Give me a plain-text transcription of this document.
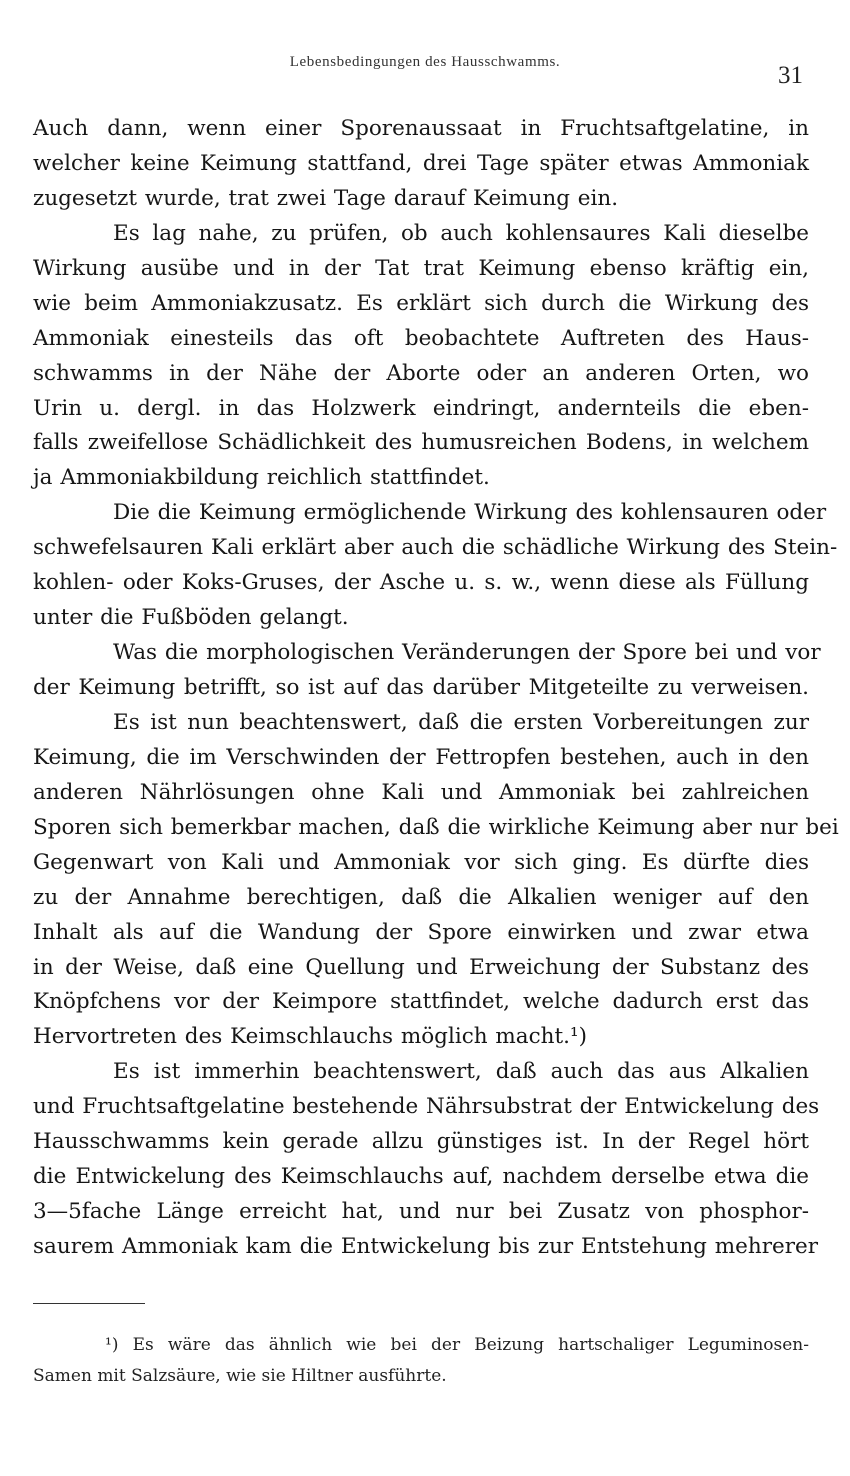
Lebensbedingungen des Hausschwamms.	31
Auch dann, wenn einer Sporenaussaat in Fruchtsaftgelatine, in
welcher keine Keimung stattfand, drei Tage später etwas Ammoniak
zugesetzt wurde, trat zwei Tage darauf Keimung ein.
Es lag nahe, zu prüfen, ob auch kohlensaures Kali dieselbe
Wirkung ausübe und in der Tat trat Keimung ebenso kräftig ein,
wie beim Ammoniakzusatz. Es erklärt sich durch die Wirkung des
Ammoniak einesteils das oft beobachtete Auftreten des Haus-
schwamms in der Nähe der Aborte oder an anderen Orten, wo
Urin u. dergl. in das Holzwerk eindringt, andernteils die eben-
falls zweifellose Schädlichkeit des humusreichen Bodens, in welchem
ja Ammoniakbildung reichlich stattfindet.
Die die Keimung ermöglichende Wirkung des kohlensauren oder
schwefelsauren Kali erklärt aber auch die schädliche Wirkung des Stein-
kohlen- oder Koks-Gruses, der Asche u. s. w., wenn diese als Füllung
unter die Fußböden gelangt.
Was die morphologischen Veränderungen der Spore bei und vor
der Keimung betrifft, so ist auf das darüber Mitgeteilte zu verweisen.
Es ist nun beachtenswert, daß die ersten Vorbereitungen zur
Keimung, die im Verschwinden der Fettropfen bestehen, auch in den
anderen Nährlösungen ohne Kali und Ammoniak bei zahlreichen
Sporen sich bemerkbar machen, daß die wirkliche Keimung aber nur bei
Gegenwart von Kali und Ammoniak vor sich ging. Es dürfte dies
zu der Annahme berechtigen, daß die Alkalien weniger auf den
Inhalt als auf die Wandung der Spore einwirken und zwar etwa
in der Weise, daß eine Quellung und Erweichung der Substanz des
Knöpfchens vor der Keimpore stattfindet, welche dadurch erst das
Hervortreten des Keimschlauchs möglich macht.¹)
Es ist immerhin beachtenswert, daß auch das aus Alkalien
und Fruchtsaftgelatine bestehende Nährsubstrat der Entwickelung des
Hausschwamms kein gerade allzu günstiges ist. In der Regel hört
die Entwickelung des Keimschlauchs auf, nachdem derselbe etwa die
3—5fache Länge erreicht hat, und nur bei Zusatz von phosphor-
saurem Ammoniak kam die Entwickelung bis zur Entstehung mehrerer
¹) Es wäre das ähnlich wie bei der Beizung hartschaliger Leguminosen-
Samen mit Salzsäure, wie sie Hiltner ausführte.
